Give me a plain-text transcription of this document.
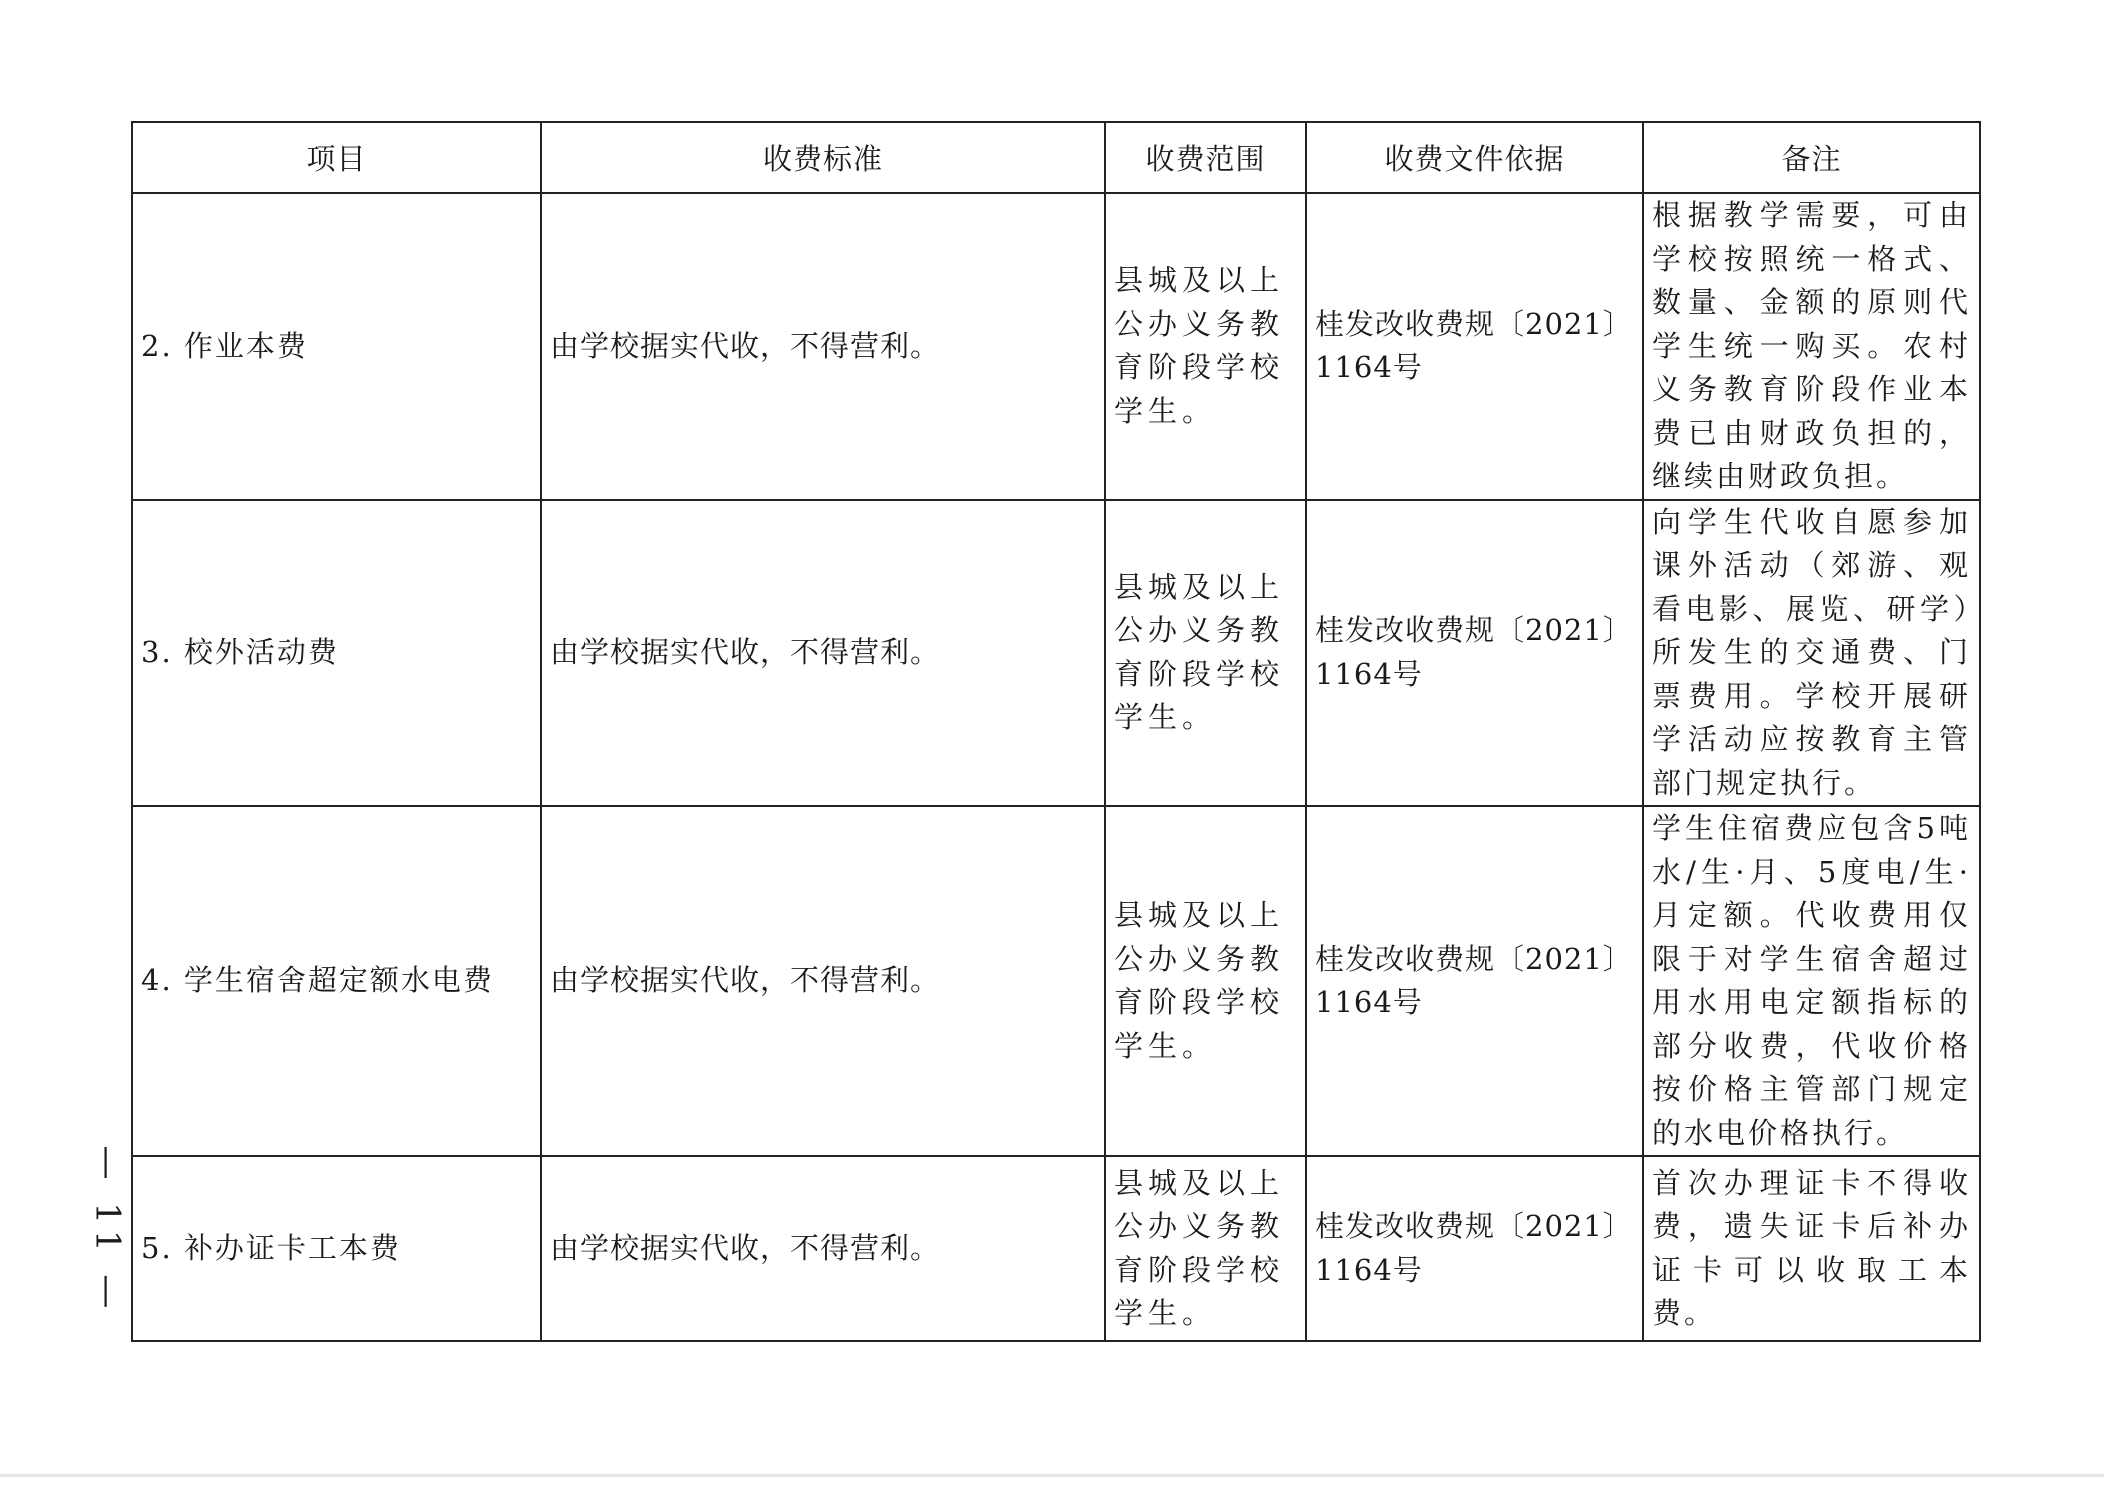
项目	收费标准	收费范围	收费文件依据	备注
2. 作业本费	由学校据实代收，不得营利。	县城及以上公办义务教育阶段学校学生。	桂发改收费规〔2021〕1164号	根据教学需要，可由学校按照统一格式、数量、金额的原则代学生统一购买。农村义务教育阶段作业本费已由财政负担的，继续由财政负担。
3. 校外活动费	由学校据实代收，不得营利。	县城及以上公办义务教育阶段学校学生。	桂发改收费规〔2021〕1164号	向学生代收自愿参加课外活动（郊游、观看电影、展览、研学）所发生的交通费、门票费用。学校开展研学活动应按教育主管部门规定执行。
4. 学生宿舍超定额水电费	由学校据实代收，不得营利。	县城及以上公办义务教育阶段学校学生。	桂发改收费规〔2021〕1164号	学生住宿费应包含5吨水/生·月、5度电/生·月定额。代收费用仅限于对学生宿舍超过用水用电定额指标的部分收费，代收价格按价格主管部门规定的水电价格执行。
5. 补办证卡工本费	由学校据实代收，不得营利。	县城及以上公办义务教育阶段学校学生。	桂发改收费规〔2021〕1164号	首次办理证卡不得收费，遗失证卡后补办证卡可以收取工本费。
— 11 —
